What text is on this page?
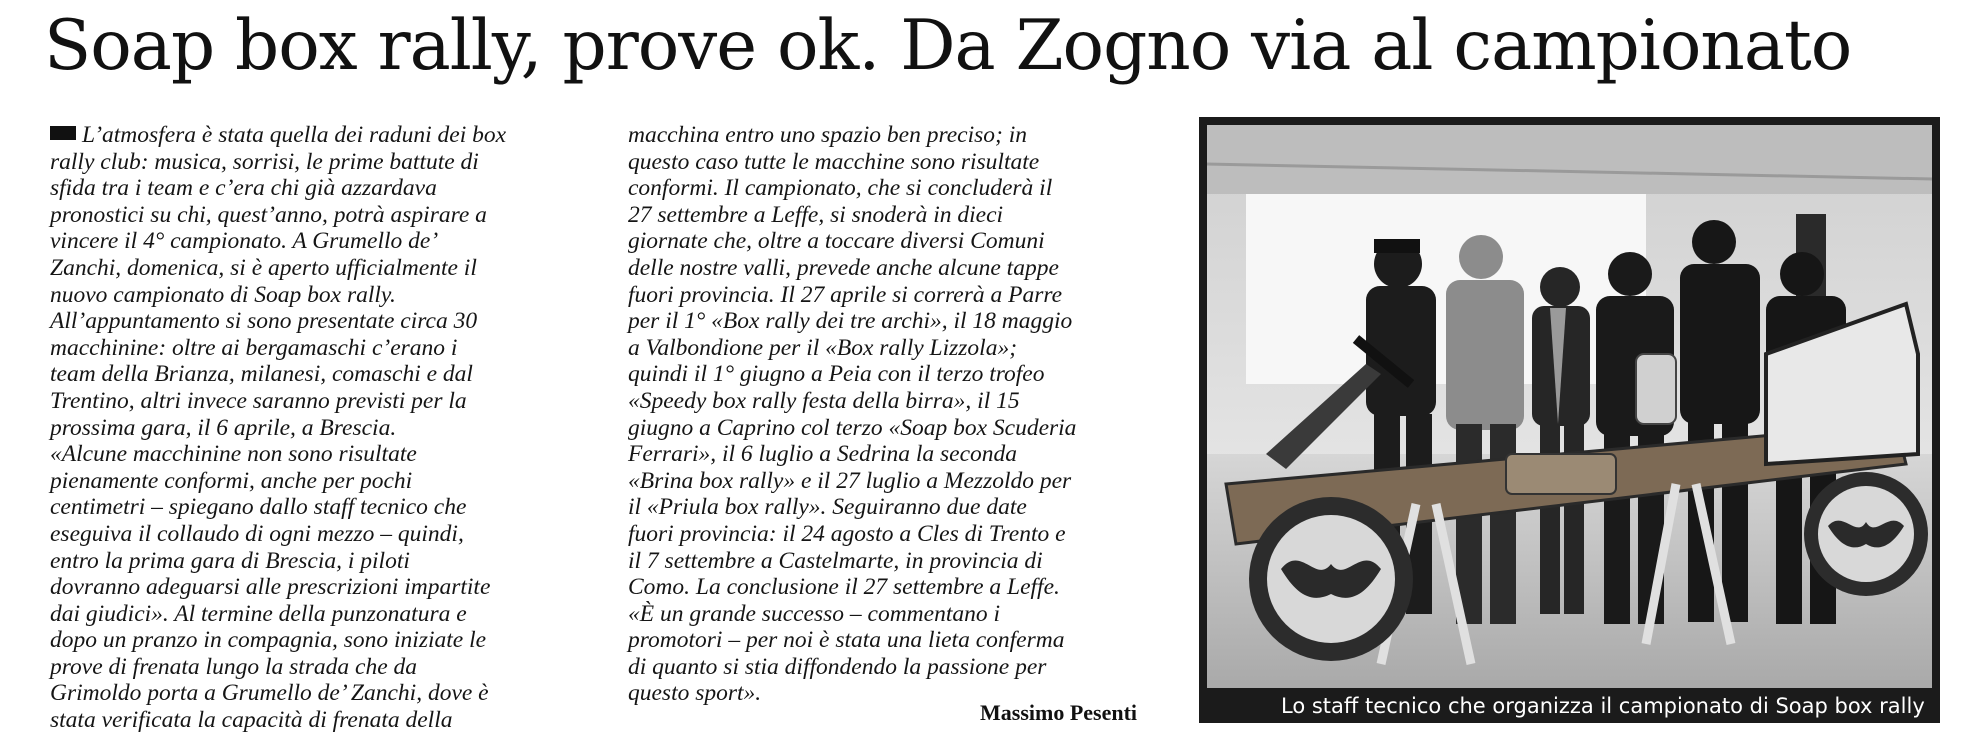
Soap box rally, prove ok. Da Zogno via al campionato
L’atmosfera è stata quella dei raduni dei box
rally club: musica, sorrisi, le prime battute di
sfida tra i team e c’era chi già azzardava
pronostici su chi, quest’anno, potrà aspirare a
vincere il 4° campionato. A Grumello de’
Zanchi, domenica, si è aperto ufficialmente il
nuovo campionato di Soap box rally.
All’appuntamento si sono presentate circa 30
macchinine: oltre ai bergamaschi c’erano i
team della Brianza, milanesi, comaschi e dal
Trentino, altri invece saranno previsti per la
prossima gara, il 6 aprile, a Brescia.
«Alcune macchinine non sono risultate
pienamente conformi, anche per pochi
centimetri – spiegano dallo staff tecnico che
eseguiva il collaudo di ogni mezzo – quindi,
entro la prima gara di Brescia, i piloti
dovranno adeguarsi alle prescrizioni impartite
dai giudici». Al termine della punzonatura e
dopo un pranzo in compagnia, sono iniziate le
prove di frenata lungo la strada che da
Grimoldo porta a Grumello de’ Zanchi, dove è
stata verificata la capacità di frenata della
macchina entro uno spazio ben preciso; in
questo caso tutte le macchine sono risultate
conformi. Il campionato, che si concluderà il
27 settembre a Leffe, si snoderà in dieci
giornate che, oltre a toccare diversi Comuni
delle nostre valli, prevede anche alcune tappe
fuori provincia. Il 27 aprile si correrà a Parre
per il 1° «Box rally dei tre archi», il 18 maggio
a Valbondione per il «Box rally Lizzola»;
quindi il 1° giugno a Peia con il terzo trofeo
«Speedy box rally festa della birra», il 15
giugno a Caprino col terzo «Soap box Scuderia
Ferrari», il 6 luglio a Sedrina la seconda
«Brina box rally» e il 27 luglio a Mezzoldo per
il «Priula box rally». Seguiranno due date
fuori provincia: il 24 agosto a Cles di Trento e
il 7 settembre a Castelmarte, in provincia di
Como. La conclusione il 27 settembre a Leffe.
«È un grande successo – commentano i
promotori – per noi è stata una lieta conferma
di quanto si stia diffondendo la passione per
questo sport».
Massimo Pesenti	Lo staff tecnico che organizza il campionato di Soap box rally
